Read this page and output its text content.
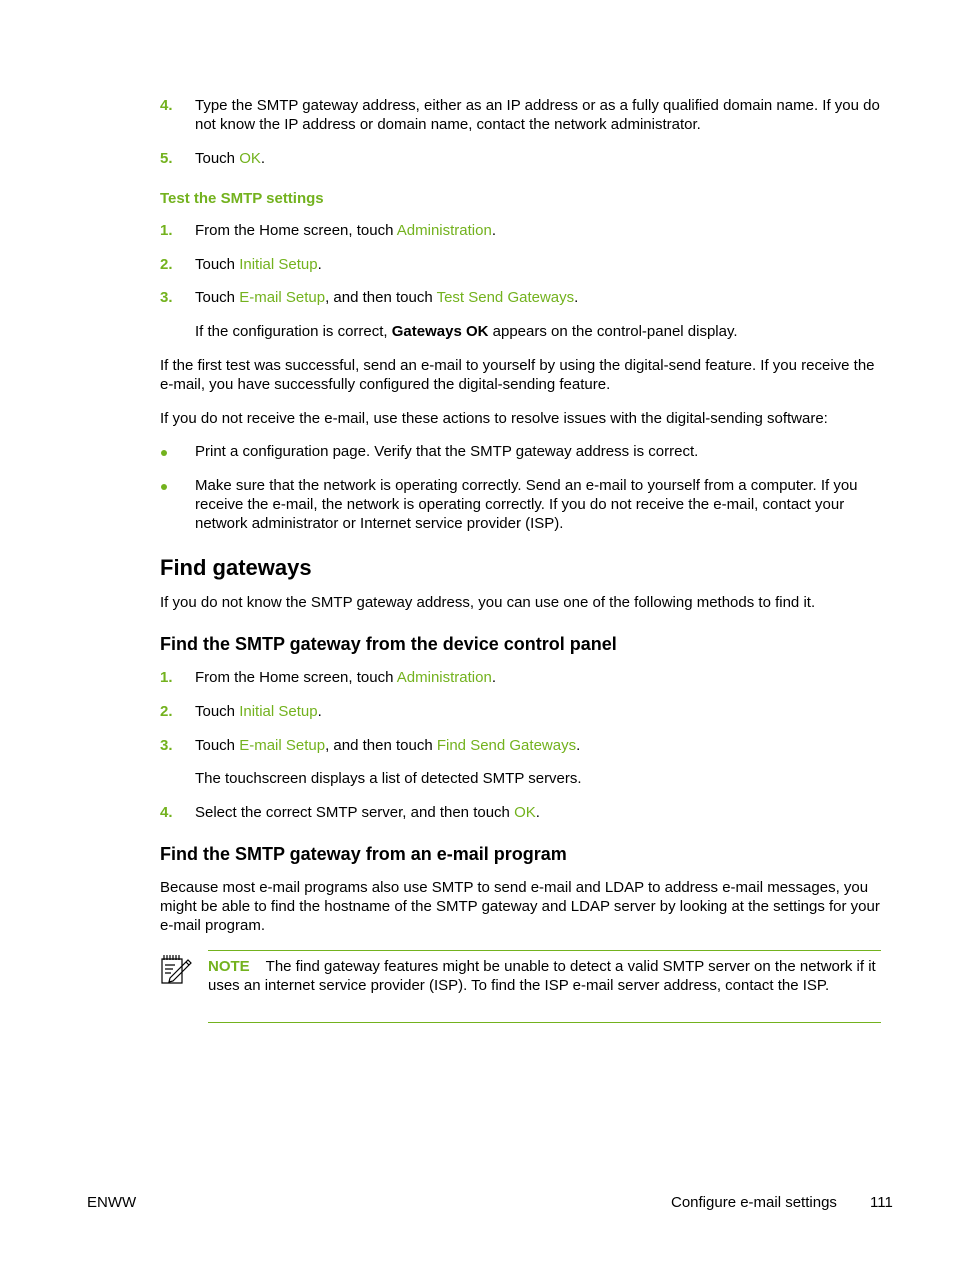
4. Type the SMTP gateway address, either as an IP address or as a fully qualified domain name. If you do not know the IP address or domain name, contact the network administrator.
5. Touch OK.
Test the SMTP settings
1. From the Home screen, touch Administration.
2. Touch Initial Setup.
3. Touch E-mail Setup, and then touch Test Send Gateways.
If the configuration is correct, Gateways OK appears on the control-panel display.
If the first test was successful, send an e-mail to yourself by using the digital-send feature. If you receive the e-mail, you have successfully configured the digital-sending feature.
If you do not receive the e-mail, use these actions to resolve issues with the digital-sending software:
Print a configuration page. Verify that the SMTP gateway address is correct.
Make sure that the network is operating correctly. Send an e-mail to yourself from a computer. If you receive the e-mail, the network is operating correctly. If you do not receive the e-mail, contact your network administrator or Internet service provider (ISP).
Find gateways
If you do not know the SMTP gateway address, you can use one of the following methods to find it.
Find the SMTP gateway from the device control panel
1. From the Home screen, touch Administration.
2. Touch Initial Setup.
3. Touch E-mail Setup, and then touch Find Send Gateways.
The touchscreen displays a list of detected SMTP servers.
4. Select the correct SMTP server, and then touch OK.
Find the SMTP gateway from an e-mail program
Because most e-mail programs also use SMTP to send e-mail and LDAP to address e-mail messages, you might be able to find the hostname of the SMTP gateway and LDAP server by looking at the settings for your e-mail program.
NOTE The find gateway features might be unable to detect a valid SMTP server on the network if it uses an internet service provider (ISP). To find the ISP e-mail server address, contact the ISP.
ENWW	Configure e-mail settings 111
